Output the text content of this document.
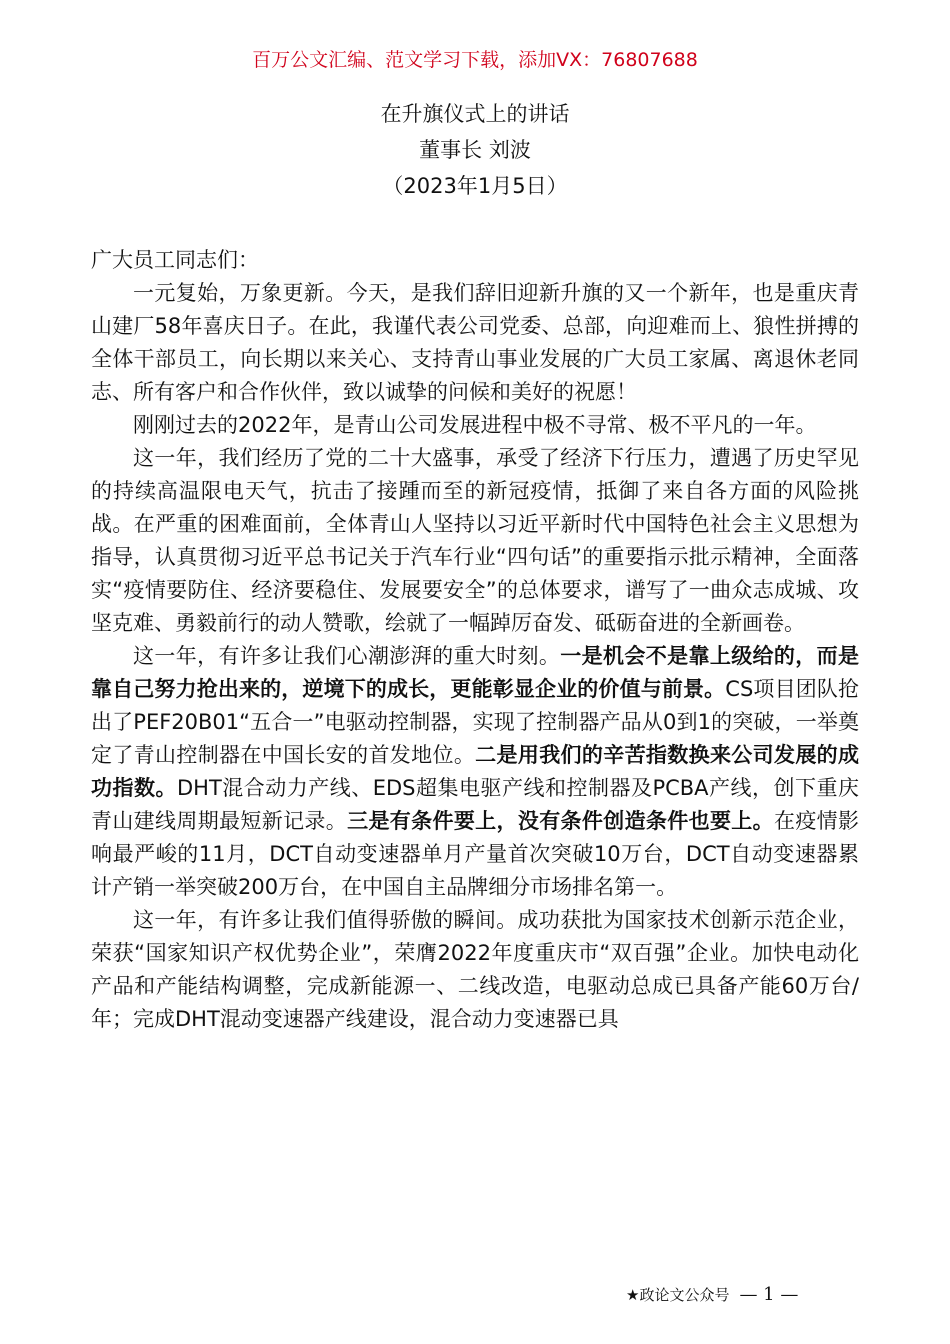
百万公文汇编、范文学习下载，添加VX：76807688
在升旗仪式上的讲话
董事长 刘波
（2023年1月5日）

广大员工同志们：

一元复始，万象更新。今天，是我们辞旧迎新升旗的又一个新年，也是重庆青山建厂58年喜庆日子。在此，我谨代表公司党委、总部，向迎难而上、狼性拼搏的全体干部员工，向长期以来关心、支持青山事业发展的广大员工家属、离退休老同志、所有客户和合作伙伴，致以诚挚的问候和美好的祝愿！

刚刚过去的2022年，是青山公司发展进程中极不寻常、极不平凡的一年。

这一年，我们经历了党的二十大盛事，承受了经济下行压力，遭遇了历史罕见的持续高温限电天气，抗击了接踵而至的新冠疫情，抵御了来自各方面的风险挑战。在严重的困难面前，全体青山人坚持以习近平新时代中国特色社会主义思想为指导，认真贯彻习近平总书记关于汽车行业“四句话”的重要指示批示精神，全面落实“疫情要防住、经济要稳住、发展要安全”的总体要求，谱写了一曲众志成城、攻坚克难、勇毅前行的动人赞歌，绘就了一幅踔厉奋发、砥砺奋进的全新画卷。

这一年，有许多让我们心潮澎湃的重大时刻。一是机会不是靠上级给的，而是靠自己努力抢出来的，逆境下的成长，更能彰显企业的价值与前景。CS项目团队抢出了PEF20B01“五合一”电驱动控制器，实现了控制器产品从0到1的突破，一举奠定了青山控制器在中国长安的首发地位。二是用我们的辛苦指数换来公司发展的成功指数。DHT混合动力产线、EDS超集电驱产线和控制器及PCBA产线，创下重庆青山建线周期最短新记录。三是有条件要上，没有条件创造条件也要上。在疫情影响最严峻的11月，DCT自动变速器单月产量首次突破10万台，DCT自动变速器累计产销一举突破200万台，在中国自主品牌细分市场排名第一。

这一年，有许多让我们值得骄傲的瞬间。成功获批为国家技术创新示范企业，荣获“国家知识产权优势企业”，荣膺2022年度重庆市“双百强”企业。加快电动化产品和产能结构调整，完成新能源一、二线改造，电驱动总成已具备产能60万台/年；完成DHT混动变速器产线建设，混合动力变速器已具

★政论文公众号 — 1 —
